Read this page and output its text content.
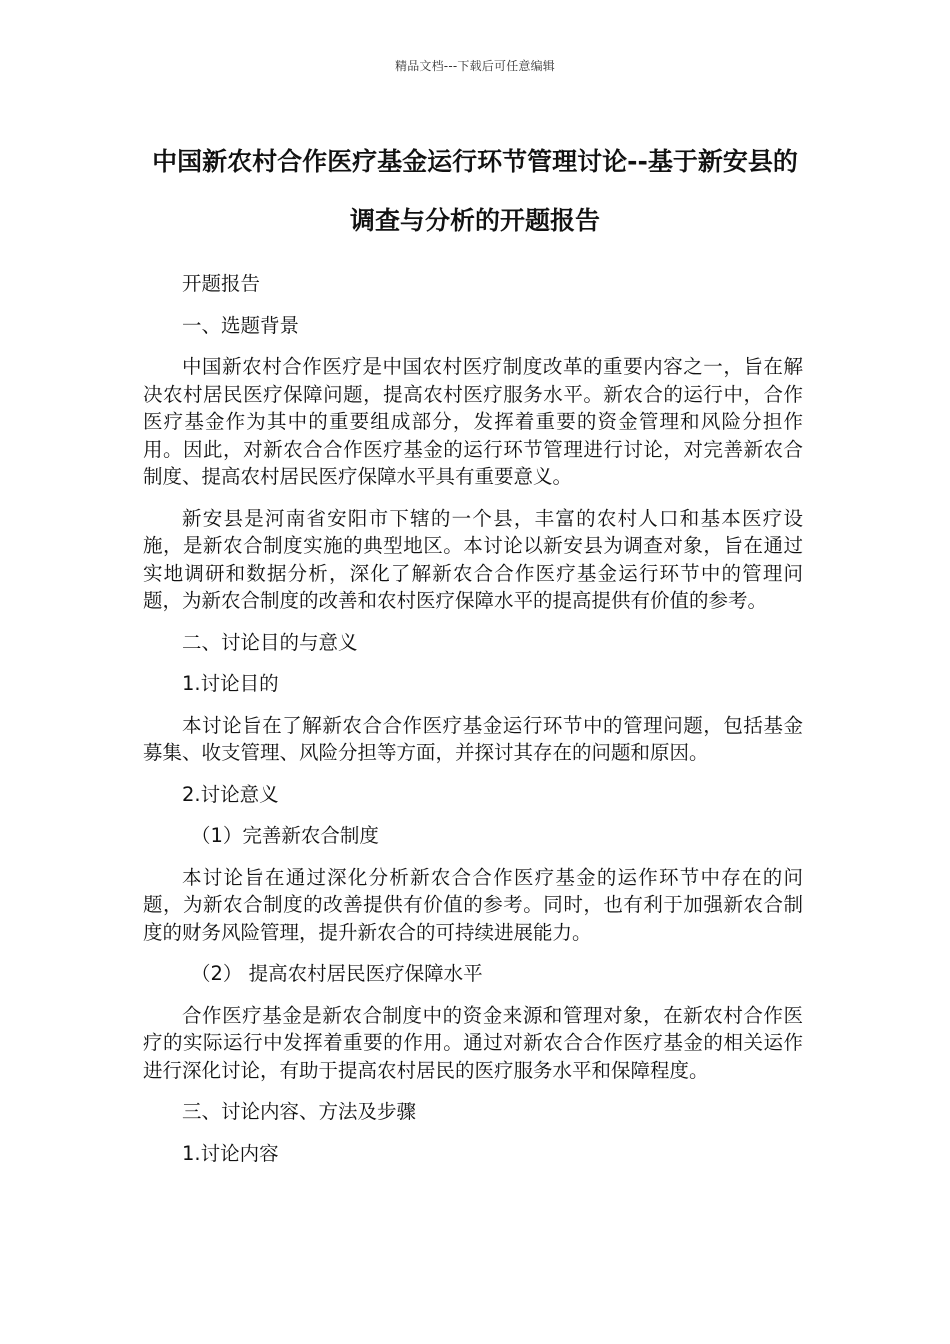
精品文档---下载后可任意编辑
中国新农村合作医疗基金运行环节管理讨论--基于新安县的调查与分析的开题报告

开题报告

一、选题背景

中国新农村合作医疗是中国农村医疗制度改革的重要内容之一，旨在解决农村居民医疗保障问题，提高农村医疗服务水平。新农合的运行中，合作医疗基金作为其中的重要组成部分，发挥着重要的资金管理和风险分担作用。因此，对新农合合作医疗基金的运行环节管理进行讨论，对完善新农合制度、提高农村居民医疗保障水平具有重要意义。

新安县是河南省安阳市下辖的一个县，丰富的农村人口和基本医疗设施，是新农合制度实施的典型地区。本讨论以新安县为调查对象，旨在通过实地调研和数据分析，深化了解新农合合作医疗基金运行环节中的管理问题，为新农合制度的改善和农村医疗保障水平的提高提供有价值的参考。

二、讨论目的与意义

1.讨论目的

本讨论旨在了解新农合合作医疗基金运行环节中的管理问题，包括基金募集、收支管理、风险分担等方面，并探讨其存在的问题和原因。

2.讨论意义

（1）完善新农合制度

本讨论旨在通过深化分析新农合合作医疗基金的运作环节中存在的问题，为新农合制度的改善提供有价值的参考。同时，也有利于加强新农合制度的财务风险管理，提升新农合的可持续进展能力。

（2） 提高农村居民医疗保障水平

合作医疗基金是新农合制度中的资金来源和管理对象，在新农村合作医疗的实际运行中发挥着重要的作用。通过对新农合合作医疗基金的相关运作进行深化讨论，有助于提高农村居民的医疗服务水平和保障程度。

三、讨论内容、方法及步骤

1.讨论内容
